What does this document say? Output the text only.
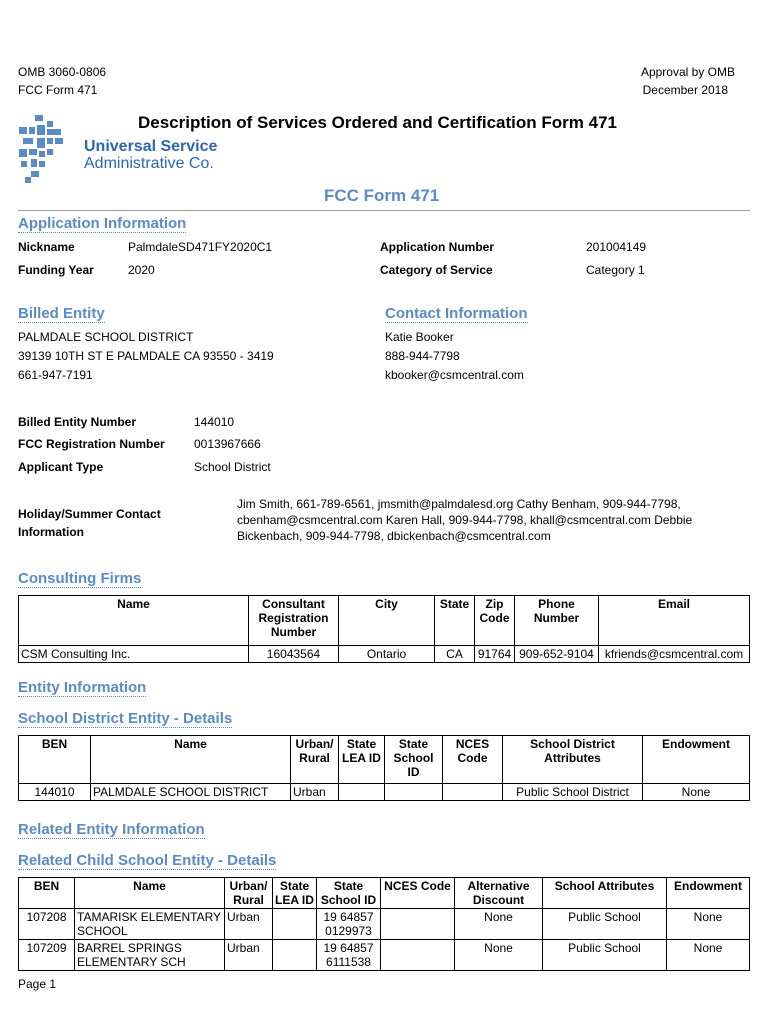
OMB 3060-0806
FCC Form 471
Approval by OMB
December 2018
Universal Service
Administrative Co.
Description of Services Ordered and Certification Form 471
FCC Form 471
Application Information
Nickname	PalmdaleSD471FY2020C1	Application Number	201004149
Funding Year	2020	Category of Service	Category 1
Billed Entity
PALMDALE SCHOOL DISTRICT
39139 10TH ST E PALMDALE CA 93550 - 3419
661-947-7191
Contact Information
Katie Booker
888-944-7798
kbooker@csmcentral.com
Billed Entity Number	144010
FCC Registration Number 0013967666
Applicant Type	School District
Holiday/Summer Contact
Information
Jim Smith, 661-789-6561, jmsmith@palmdalesd.org Cathy Benham, 909-944-7798,
cbenham@csmcentral.com Karen Hall, 909-944-7798, khall@csmcentral.com Debbie
Bickenbach, 909-944-7798, dbickenbach@csmcentral.com
Consulting Firms
Name	Consultant
Registration
Number	City	State	Zip
Code	Phone
Number	Email
CSM Consulting Inc.	16043564	Ontario	CA	91764	909-652-9104	kfriends@csmcentral.com
Entity Information
School District Entity - Details
BEN	Name	Urban/
Rural	State
LEA ID	State
School
ID	NCES
Code	School District
Attributes	Endowment
144010	PALMDALE SCHOOL DISTRICT	Urban				Public School District	None
Related Entity Information
Related Child School Entity - Details
BEN	Name	Urban/
Rural	State
LEA ID	State
School ID	NCES Code	Alternative
Discount	School Attributes	Endowment
107208	TAMARISK ELEMENTARY
SCHOOL	Urban		19 64857
0129973		None	Public School	None
107209	BARREL SPRINGS
ELEMENTARY SCH	Urban		19 64857
6111538		None	Public School	None
Page 1
